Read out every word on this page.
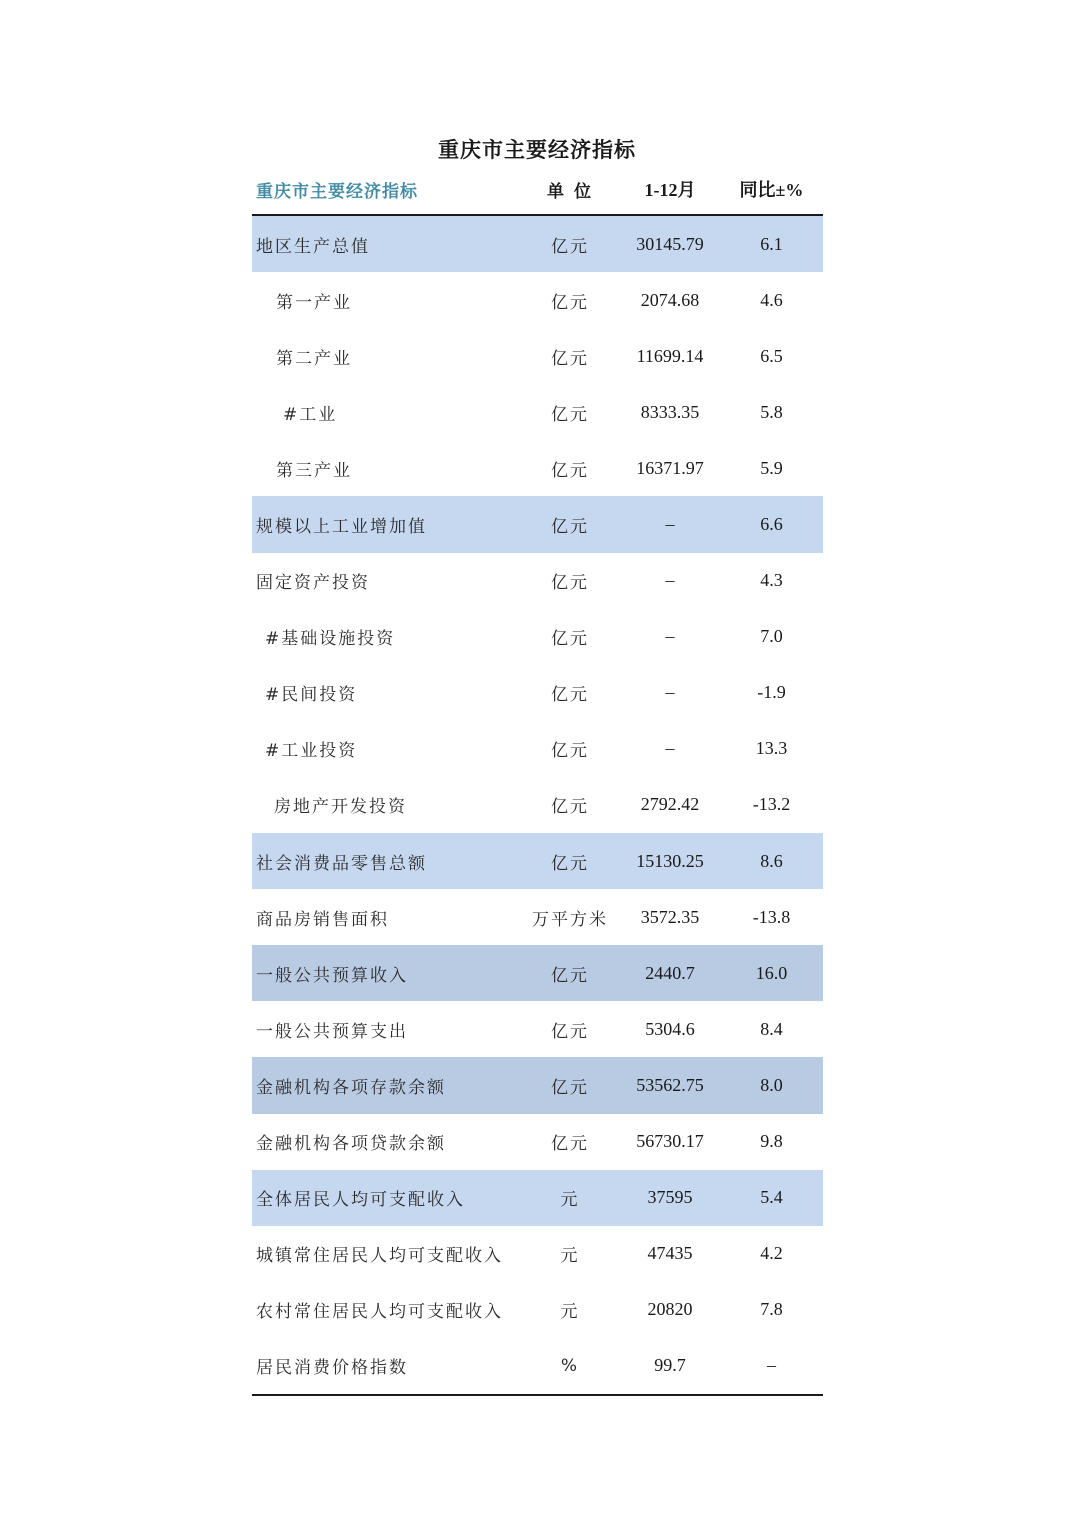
重庆市主要经济指标
重庆市主要经济指标	单 位	1-12月	同比±%
地区生产总值	亿元	30145.79	6.1
第一产业	亿元	2074.68	4.6
第二产业	亿元	11699.14	6.5
#工业	亿元	8333.35	5.8
第三产业	亿元	16371.97	5.9
规模以上工业增加值	亿元	–	6.6
固定资产投资	亿元	–	4.3
#基础设施投资	亿元	–	7.0
#民间投资	亿元	–	-1.9
#工业投资	亿元	–	13.3
房地产开发投资	亿元	2792.42	-13.2
社会消费品零售总额	亿元	15130.25	8.6
商品房销售面积	万平方米	3572.35	-13.8
一般公共预算收入	亿元	2440.7	16.0
一般公共预算支出	亿元	5304.6	8.4
金融机构各项存款余额	亿元	53562.75	8.0
金融机构各项贷款余额	亿元	56730.17	9.8
全体居民人均可支配收入	元	37595	5.4
城镇常住居民人均可支配收入	元	47435	4.2
农村常住居民人均可支配收入	元	20820	7.8
居民消费价格指数	%	99.7	–
